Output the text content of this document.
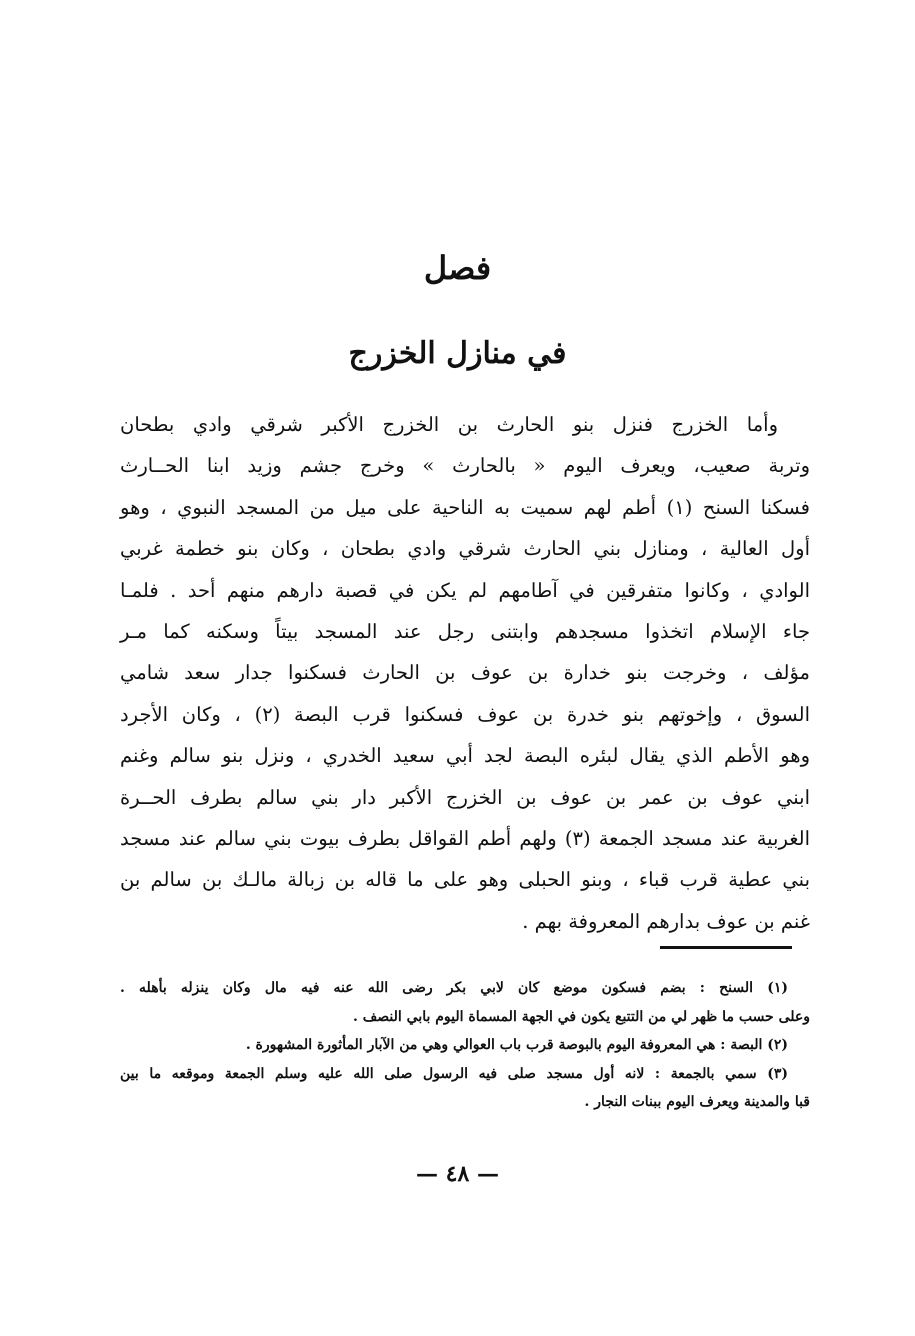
فصل
في منازل الخزرج
وأما الخزرج فنزل بنو الحارث بن الخزرج الأكبر شرقي وادي بطحان
وتربة صعيب، ويعرف اليوم « بالحارث » وخرج جشم وزيد ابنا الحــارث
فسكنا السنح (١) أطم لهم سميت به الناحية على ميل من المسجد النبوي ، وهو
أول العالية ، ومنازل بني الحارث شرقي وادي بطحان ، وكان بنو خطمة غربي
الوادي ، وكانوا متفرقين في آطامهم لم يكن في قصبة دارهم منهم أحد . فلمـا
جاء الإسلام اتخذوا مسجدهم وابتنى رجل عند المسجد بيتاً وسكنه كما مـر
مؤلف ، وخرجت بنو خدارة بن عوف بن الحارث فسكنوا جدار سعد شامي
السوق ، وإخوتهم بنو خدرة بن عوف فسكنوا قرب البصة (٢) ، وكان الأجرد
وهو الأطم الذي يقال لبئره البصة لجد أبي سعيد الخدري ، ونزل بنو سالم وغنم
ابني عوف بن عمر بن عوف بن الخزرج الأكبر دار بني سالم بطرف الحــرة
الغربية عند مسجد الجمعة (٣) ولهم أطم القواقل بطرف بيوت بني سالم عند مسجد
بني عطية قرب قباء ، وبنو الحبلى وهو على ما قاله بن زبالة مالـك بن سالم بن
غنم بن عوف بدارهم المعروفة بهم .
(١) السنح : بضم فسكون موضع كان لابي بكر رضى الله عنه فيه مال وكان ينزله بأهله .
وعلى حسب ما ظهر لي من التتبع يكون في الجهة المسماة اليوم بابي النصف .
(٢) البصة : هي المعروفة اليوم بالبوصة قرب باب العوالي وهي من الآبار المأثورة المشهورة .
(٣) سمي بالجمعة : لانه أول مسجد صلى فيه الرسول صلى الله عليه وسلم الجمعة وموقعه ما بين
قبا والمدينة ويعرف اليوم ببنات النجار .
— ٤٨ —
